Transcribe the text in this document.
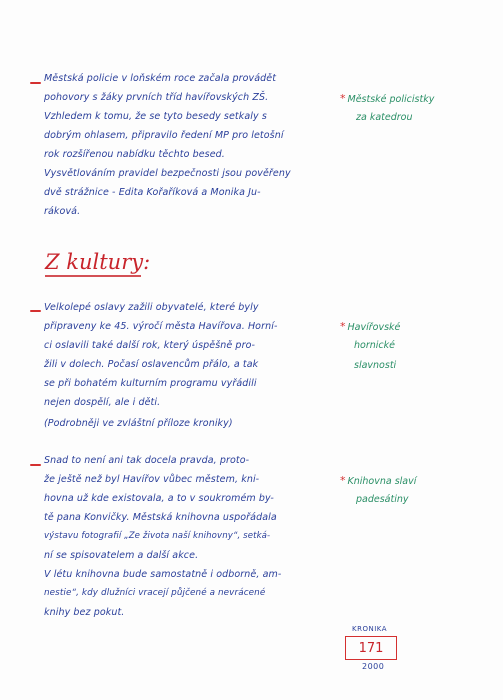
Městská policie v loňském roce začala provádět
pohovory s žáky prvních tříd havířovských ZŠ.
Vzhledem k tomu, že se tyto besedy setkaly s
dobrým ohlasem, připravilo ředení MP pro letošní
rok rozšířenou nabídku těchto besed.
Vysvětlováním pravidel bezpečnosti jsou pověřeny
dvě strážnice - Edita Kořaříková a Monika Ju-
ráková.
* Městské policistky
za katedrou
Z kultury:
Velkolepé oslavy zažili obyvatelé, které byly
připraveny ke 45. výročí města Havířova. Horní-
ci oslavili také další rok, který úspěšně pro-
žili v dolech. Počasí oslavencům přálo, a tak
se při bohatém kulturním programu vyřádili
nejen dospělí, ale i děti.
(Podrobněji ve zvláštní příloze kroniky)
* Havířovské
hornické
slavnosti
Snad to není ani tak docela pravda, proto-
že ještě než byl Havířov vůbec městem, kni-
hovna už kde existovala, a to v soukromém by-
tě pana Konvičky. Městská knihovna uspořádala
výstavu fotografií „Ze života naší knihovny“, setká-
ní se spisovatelem a další akce.
V létu knihovna bude samostatně i odborně, am-
nestie“, kdy dlužníci vracejí půjčené a nevrácené
knihy bez pokut.
* Knihovna slaví
padesátiny
KRONIKA
171
2000
